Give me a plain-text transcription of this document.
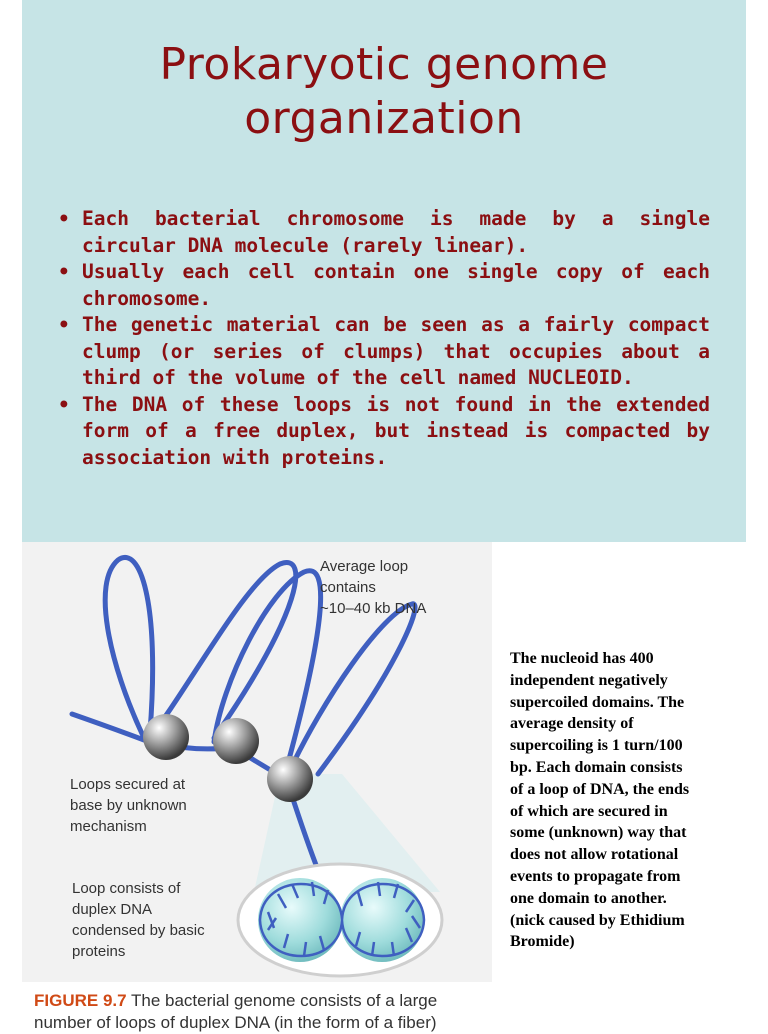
Prokaryotic genome
organization
• Each bacterial chromosome is made by a single circular DNA molecule (rarely linear).
• Usually each cell contain one single copy of each chromosome.
• The genetic material can be seen as a fairly compact clump (or series of clumps) that occupies about a third of the volume of the cell named NUCLEOID.
• The DNA of these loops is not found in the extended form of a free duplex, but instead is compacted by association with proteins.
Average loop
contains
~10–40 kb DNA
Loops secured at
base by unknown
mechanism
Loop consists of
duplex DNA
condensed by basic
proteins
FIGURE 9.7 The bacterial genome consists of a large
number of loops of duplex DNA (in the form of a fiber)
The nucleoid has 400
independent negatively
supercoiled domains. The
average density of
supercoiling is 1 turn/100
bp. Each domain consists
of a loop of DNA, the ends
of which are secured in
some (unknown) way that
does not allow rotational
events to propagate from
one domain to another.
(nick caused by Ethidium
Bromide)
